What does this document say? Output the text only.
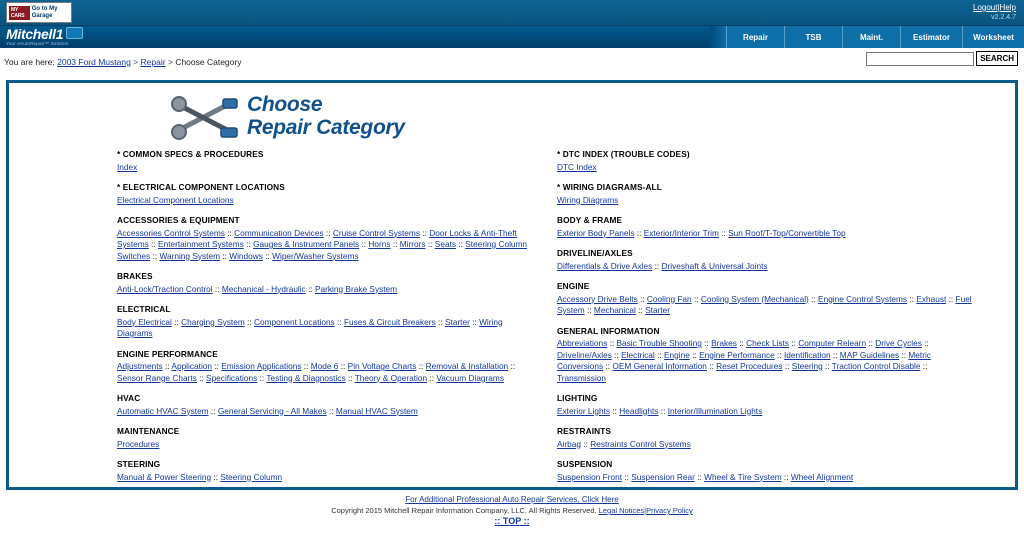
MY CARS
Go to My Garage
Logout|Help
v2.2.4.7
Mitchell1
Your eAutoRepair™ Solution
Repair	TSB	Maint.	Estimator	Worksheet
You are here: 2003 Ford Mustang > Repair > Choose Category	SEARCH
Choose
Repair Category
* COMMON SPECS & PROCEDURES
Index
* ELECTRICAL COMPONENT LOCATIONS
Electrical Component Locations
ACCESSORIES & EQUIPMENT
Accessories Control Systems :: Communication Devices :: Cruise Control Systems :: Door Locks & Anti-Theft Systems :: Entertainment Systems :: Gauges & Instrument Panels :: Horns :: Mirrors :: Seats :: Steering Column Switches :: Warning System :: Windows :: Wiper/Washer Systems
BRAKES
Anti-Lock/Traction Control :: Mechanical - Hydraulic :: Parking Brake System
ELECTRICAL
Body Electrical :: Charging System :: Component Locations :: Fuses & Circuit Breakers :: Starter :: Wiring Diagrams
ENGINE PERFORMANCE
Adjustments :: Application :: Emission Applications :: Mode 6 :: Pin Voltage Charts :: Removal & Installation :: Sensor Range Charts :: Specifications :: Testing & Diagnostics :: Theory & Operation :: Vacuum Diagrams
HVAC
Automatic HVAC System :: General Servicing - All Makes :: Manual HVAC System
MAINTENANCE
Procedures
STEERING
Manual & Power Steering :: Steering Column
* DTC INDEX (TROUBLE CODES)
DTC Index
* WIRING DIAGRAMS-ALL
Wiring Diagrams
BODY & FRAME
Exterior Body Panels :: Exterior/Interior Trim :: Sun Roof/T-Top/Convertible Top
DRIVELINE/AXLES
Differentials & Drive Axles :: Driveshaft & Universal Joints
ENGINE
Accessory Drive Belts :: Cooling Fan :: Cooling System (Mechanical) :: Engine Control Systems :: Exhaust :: Fuel System :: Mechanical :: Starter
GENERAL INFORMATION
Abbreviations :: Basic Trouble Shooting :: Brakes :: Check Lists :: Computer Relearn :: Drive Cycles :: Driveline/Axles :: Electrical :: Engine :: Engine Performance :: Identification :: MAP Guidelines :: Metric Conversions :: OEM General Information :: Reset Procedures :: Steering :: Traction Control Disable :: Transmission
LIGHTING
Exterior Lights :: Headlights :: Interior/Illumination Lights
RESTRAINTS
Airbag :: Restraints Control Systems
SUSPENSION
Suspension Front :: Suspension Rear :: Wheel & Tire System :: Wheel Alignment
For Additional Professional Auto Repair Services, Click Here
Copyright 2015 Mitchell Repair Information Company, LLC. All Rights Reserved. Legal Notices|Privacy Policy
:: TOP ::
